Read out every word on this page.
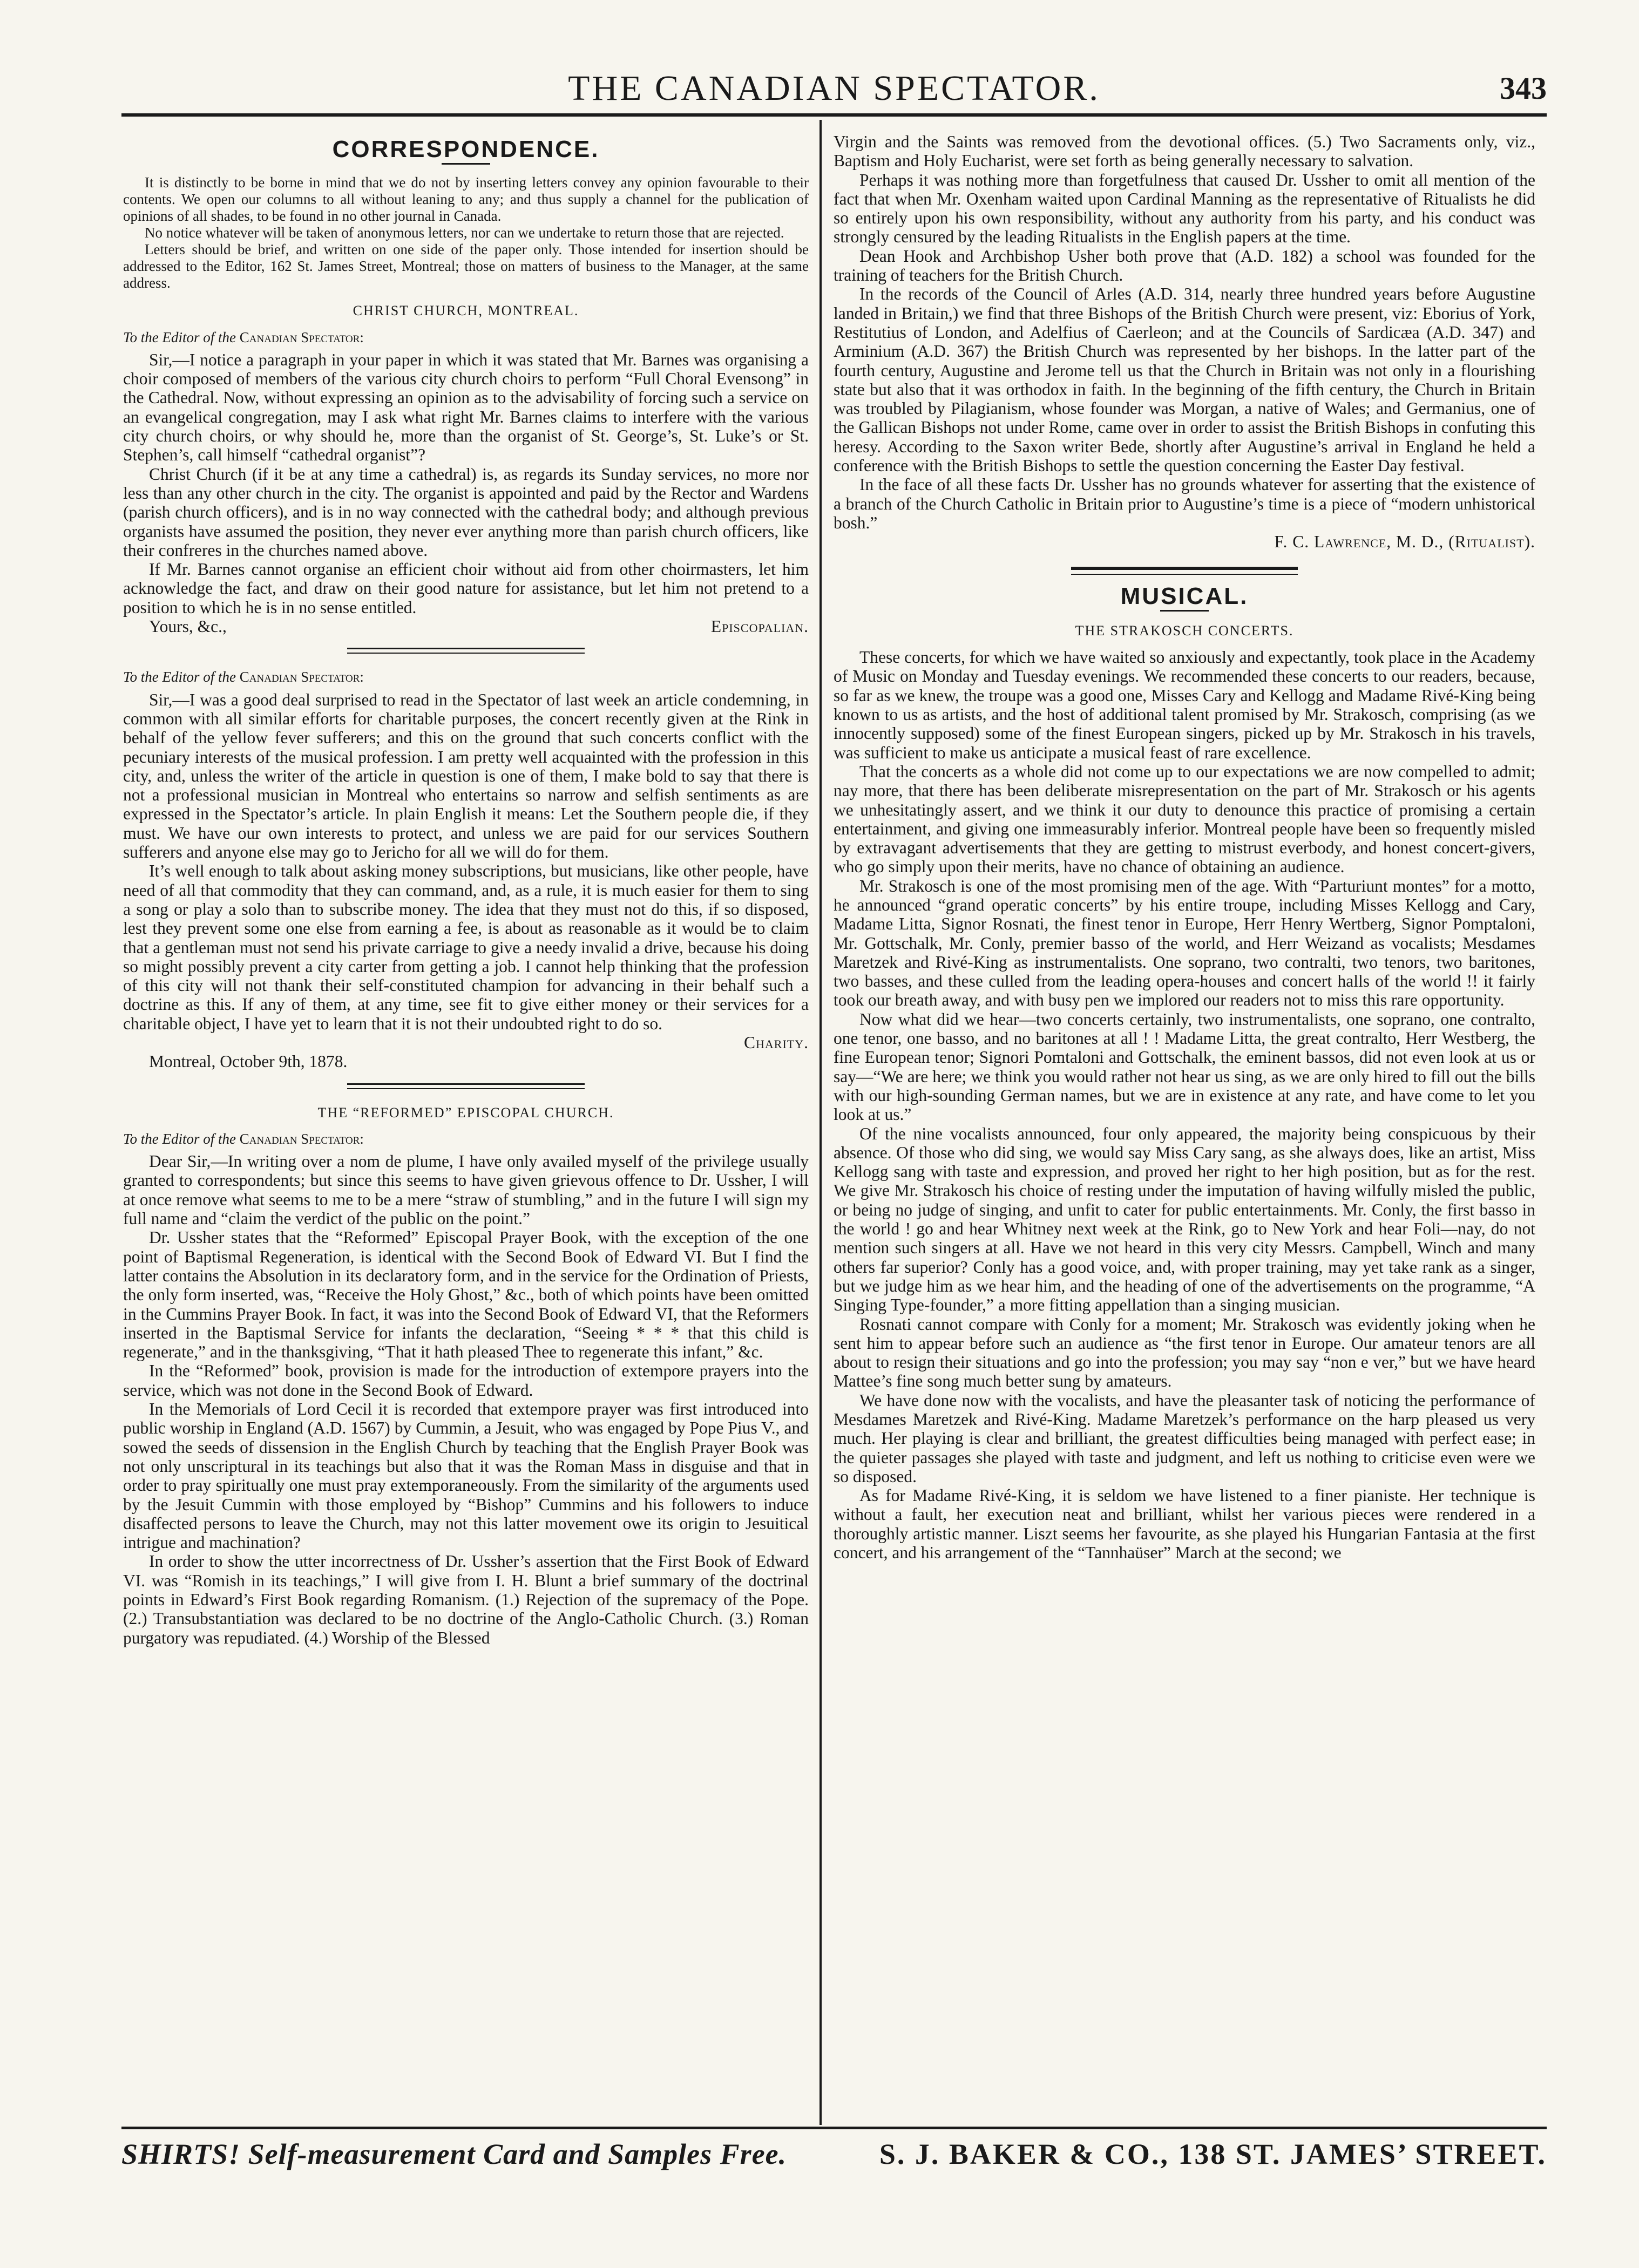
THE CANADIAN SPECTATOR.	343
CORRESPONDENCE.

It is distinctly to be borne in mind that we do not by inserting letters convey any opinion favourable to their contents. We open our columns to all without leaning to any; and thus supply a channel for the publication of opinions of all shades, to be found in no other journal in Canada.

No notice whatever will be taken of anonymous letters, nor can we undertake to return those that are rejected.

Letters should be brief, and written on one side of the paper only. Those intended for insertion should be addressed to the Editor, 162 St. James Street, Montreal; those on matters of business to the Manager, at the same address.

CHRIST CHURCH, MONTREAL.
To the Editor of the Canadian Spectator:

Sir,—I notice a paragraph in your paper in which it was stated that Mr. Barnes was organising a choir composed of members of the various city church choirs to perform “Full Choral Evensong” in the Cathedral. Now, without expressing an opinion as to the advisability of forcing such a service on an evangelical congregation, may I ask what right Mr. Barnes claims to interfere with the various city church choirs, or why should he, more than the organist of St. George’s, St. Luke’s or St. Stephen’s, call himself “cathedral organist”?

Christ Church (if it be at any time a cathedral) is, as regards its Sunday services, no more nor less than any other church in the city. The organist is appointed and paid by the Rector and Wardens (parish church officers), and is in no way connected with the cathedral body; and although previous organists have assumed the position, they never ever anything more than parish church officers, like their confreres in the churches named above.

If Mr. Barnes cannot organise an efficient choir without aid from other choirmasters, let him acknowledge the fact, and draw on their good nature for assistance, but let him not pretend to a position to which he is in no sense entitled.

Yours, &c.,	Episcopalian.
To the Editor of the Canadian Spectator:

Sir,—I was a good deal surprised to read in the Spectator of last week an article condemning, in common with all similar efforts for charitable purposes, the concert recently given at the Rink in behalf of the yellow fever sufferers; and this on the ground that such concerts conflict with the pecuniary interests of the musical profession. I am pretty well acquainted with the profession in this city, and, unless the writer of the article in question is one of them, I make bold to say that there is not a professional musician in Montreal who entertains so narrow and selfish sentiments as are expressed in the Spectator’s article. In plain English it means: Let the Southern people die, if they must. We have our own interests to protect, and unless we are paid for our services Southern sufferers and anyone else may go to Jericho for all we will do for them.

It’s well enough to talk about asking money subscriptions, but musicians, like other people, have need of all that commodity that they can command, and, as a rule, it is much easier for them to sing a song or play a solo than to subscribe money. The idea that they must not do this, if so disposed, lest they prevent some one else from earning a fee, is about as reasonable as it would be to claim that a gentleman must not send his private carriage to give a needy invalid a drive, because his doing so might possibly prevent a city carter from getting a job. I cannot help thinking that the profession of this city will not thank their self-constituted champion for advancing in their behalf such a doctrine as this. If any of them, at any time, see fit to give either money or their services for a charitable object, I have yet to learn that it is not their undoubted right to do so.

Charity.

Montreal, October 9th, 1878.

THE “REFORMED” EPISCOPAL CHURCH.
To the Editor of the Canadian Spectator:

Dear Sir,—In writing over a nom de plume, I have only availed myself of the privilege usually granted to correspondents; but since this seems to have given grievous offence to Dr. Ussher, I will at once remove what seems to me to be a mere “straw of stumbling,” and in the future I will sign my full name and “claim the verdict of the public on the point.”

Dr. Ussher states that the “Reformed” Episcopal Prayer Book, with the exception of the one point of Baptismal Regeneration, is identical with the Second Book of Edward VI. But I find the latter contains the Absolution in its declaratory form, and in the service for the Ordination of Priests, the only form inserted, was, “Receive the Holy Ghost,” &c., both of which points have been omitted in the Cummins Prayer Book. In fact, it was into the Second Book of Edward VI, that the Reformers inserted in the Baptismal Service for infants the declaration, “Seeing * * * that this child is regenerate,” and in the thanksgiving, “That it hath pleased Thee to regenerate this infant,” &c.

In the “Reformed” book, provision is made for the introduction of extempore prayers into the service, which was not done in the Second Book of Edward.

In the Memorials of Lord Cecil it is recorded that extempore prayer was first introduced into public worship in England (A.D. 1567) by Cummin, a Jesuit, who was engaged by Pope Pius V., and sowed the seeds of dissension in the English Church by teaching that the English Prayer Book was not only unscriptural in its teachings but also that it was the Roman Mass in disguise and that in order to pray spiritually one must pray extemporaneously. From the similarity of the arguments used by the Jesuit Cummin with those employed by “Bishop” Cummins and his followers to induce disaffected persons to leave the Church, may not this latter movement owe its origin to Jesuitical intrigue and machination?

In order to show the utter incorrectness of Dr. Ussher’s assertion that the First Book of Edward VI. was “Romish in its teachings,” I will give from I. H. Blunt a brief summary of the doctrinal points in Edward’s First Book regarding Romanism. (1.) Rejection of the supremacy of the Pope. (2.) Transubstantiation was declared to be no doctrine of the Anglo-Catholic Church. (3.) Roman purgatory was repudiated. (4.) Worship of the Blessed

Virgin and the Saints was removed from the devotional offices. (5.) Two Sacraments only, viz., Baptism and Holy Eucharist, were set forth as being generally necessary to salvation.

Perhaps it was nothing more than forgetfulness that caused Dr. Ussher to omit all mention of the fact that when Mr. Oxenham waited upon Cardinal Manning as the representative of Ritualists he did so entirely upon his own responsibility, without any authority from his party, and his conduct was strongly censured by the leading Ritualists in the English papers at the time.

Dean Hook and Archbishop Usher both prove that (A.D. 182) a school was founded for the training of teachers for the British Church.

In the records of the Council of Arles (A.D. 314, nearly three hundred years before Augustine landed in Britain,) we find that three Bishops of the British Church were present, viz: Eborius of York, Restitutius of London, and Adelfius of Caerleon; and at the Councils of Sardicæa (A.D. 347) and Arminium (A.D. 367) the British Church was represented by her bishops. In the latter part of the fourth century, Augustine and Jerome tell us that the Church in Britain was not only in a flourishing state but also that it was orthodox in faith. In the beginning of the fifth century, the Church in Britain was troubled by Pilagianism, whose founder was Morgan, a native of Wales; and Germanius, one of the Gallican Bishops not under Rome, came over in order to assist the British Bishops in confuting this heresy. According to the Saxon writer Bede, shortly after Augustine’s arrival in England he held a conference with the British Bishops to settle the question concerning the Easter Day festival.

In the face of all these facts Dr. Ussher has no grounds whatever for asserting that the existence of a branch of the Church Catholic in Britain prior to Augustine’s time is a piece of “modern unhistorical bosh.”

F. C. Lawrence, M. D., (Ritualist).
MUSICAL.
THE STRAKOSCH CONCERTS.

These concerts, for which we have waited so anxiously and expectantly, took place in the Academy of Music on Monday and Tuesday evenings. We recommended these concerts to our readers, because, so far as we knew, the troupe was a good one, Misses Cary and Kellogg and Madame Rivé-King being known to us as artists, and the host of additional talent promised by Mr. Strakosch, comprising (as we innocently supposed) some of the finest European singers, picked up by Mr. Strakosch in his travels, was sufficient to make us anticipate a musical feast of rare excellence.

That the concerts as a whole did not come up to our expectations we are now compelled to admit; nay more, that there has been deliberate misrepresentation on the part of Mr. Strakosch or his agents we unhesitatingly assert, and we think it our duty to denounce this practice of promising a certain entertainment, and giving one immeasurably inferior. Montreal people have been so frequently misled by extravagant advertisements that they are getting to mistrust everbody, and honest concert-givers, who go simply upon their merits, have no chance of obtaining an audience.

Mr. Strakosch is one of the most promising men of the age. With “Parturiunt montes” for a motto, he announced “grand operatic concerts” by his entire troupe, including Misses Kellogg and Cary, Madame Litta, Signor Rosnati, the finest tenor in Europe, Herr Henry Wertberg, Signor Pomptaloni, Mr. Gottschalk, Mr. Conly, premier basso of the world, and Herr Weizand as vocalists; Mesdames Maretzek and Rivé-King as instrumentalists. One soprano, two contralti, two tenors, two baritones, two basses, and these culled from the leading opera-houses and concert halls of the world !! it fairly took our breath away, and with busy pen we implored our readers not to miss this rare opportunity.

Now what did we hear—two concerts certainly, two instrumentalists, one soprano, one contralto, one tenor, one basso, and no baritones at all ! ! Madame Litta, the great contralto, Herr Westberg, the fine European tenor; Signori Pomtaloni and Gottschalk, the eminent bassos, did not even look at us or say—“We are here; we think you would rather not hear us sing, as we are only hired to fill out the bills with our high-sounding German names, but we are in existence at any rate, and have come to let you look at us.”

Of the nine vocalists announced, four only appeared, the majority being conspicuous by their absence. Of those who did sing, we would say Miss Cary sang, as she always does, like an artist, Miss Kellogg sang with taste and expression, and proved her right to her high position, but as for the rest. We give Mr. Strakosch his choice of resting under the imputation of having wilfully misled the public, or being no judge of singing, and unfit to cater for public entertainments. Mr. Conly, the first basso in the world ! go and hear Whitney next week at the Rink, go to New York and hear Foli—nay, do not mention such singers at all. Have we not heard in this very city Messrs. Campbell, Winch and many others far superior? Conly has a good voice, and, with proper training, may yet take rank as a singer, but we judge him as we hear him, and the heading of one of the advertisements on the programme, “A Singing Type-founder,” a more fitting appellation than a singing musician.

Rosnati cannot compare with Conly for a moment; Mr. Strakosch was evidently joking when he sent him to appear before such an audience as “the first tenor in Europe. Our amateur tenors are all about to resign their situations and go into the profession; you may say “non e ver,” but we have heard Mattee’s fine song much better sung by amateurs.

We have done now with the vocalists, and have the pleasanter task of noticing the performance of Mesdames Maretzek and Rivé-King. Madame Maretzek’s performance on the harp pleased us very much. Her playing is clear and brilliant, the greatest difficulties being managed with perfect ease; in the quieter passages she played with taste and judgment, and left us nothing to criticise even were we so disposed.

As for Madame Rivé-King, it is seldom we have listened to a finer pianiste. Her technique is without a fault, her execution neat and brilliant, whilst her various pieces were rendered in a thoroughly artistic manner. Liszt seems her favourite, as she played his Hungarian Fantasia at the first concert, and his arrangement of the “Tannhaüser” March at the second; we

SHIRTS! Self-measurement Card and Samples Free.	S. J. BAKER & CO., 138 ST. JAMES’ STREET.
